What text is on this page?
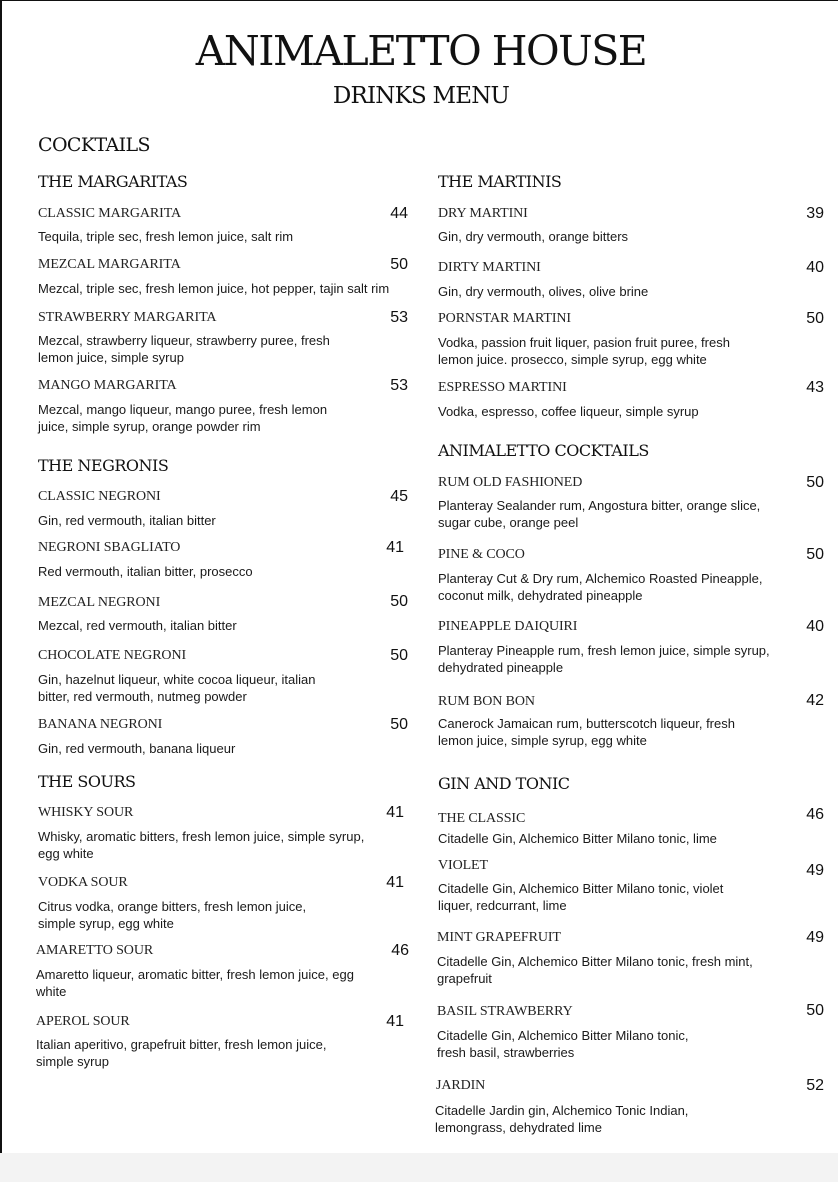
ANIMALETTO HOUSE
DRINKS MENU
COCKTAILS
THE MARGARITAS
CLASSIC MARGARITA	44
Tequila, triple sec, fresh lemon juice, salt rim
MEZCAL MARGARITA	50
Mezcal, triple sec, fresh lemon juice, hot pepper, tajin salt rim
STRAWBERRY MARGARITA	53
Mezcal, strawberry liqueur, strawberry puree, fresh lemon juice, simple syrup
MANGO MARGARITA	53
Mezcal, mango liqueur, mango puree, fresh lemon juice, simple syrup, orange powder rim
THE NEGRONIS
CLASSIC NEGRONI	45
Gin, red vermouth, italian bitter
NEGRONI SBAGLIATO	41
Red vermouth, italian bitter, prosecco
MEZCAL NEGRONI	50
Mezcal, red vermouth, italian bitter
CHOCOLATE NEGRONI	50
Gin, hazelnut liqueur, white cocoa liqueur, italian bitter, red vermouth, nutmeg powder
BANANA NEGRONI	50
Gin, red vermouth, banana liqueur
THE SOURS
WHISKY SOUR	41
Whisky, aromatic bitters, fresh lemon juice, simple syrup, egg white
VODKA SOUR	41
Citrus vodka, orange bitters, fresh lemon juice, simple syrup, egg white
AMARETTO SOUR	46
Amaretto liqueur, aromatic bitter, fresh lemon juice, egg white
APEROL SOUR	41
Italian aperitivo, grapefruit bitter, fresh lemon juice, simple syrup
THE MARTINIS
DRY MARTINI	39
Gin, dry vermouth, orange bitters
DIRTY MARTINI	40
Gin, dry vermouth, olives, olive brine
PORNSTAR MARTINI	50
Vodka, passion fruit liquer, pasion fruit puree, fresh lemon juice. prosecco, simple syrup, egg white
ESPRESSO MARTINI	43
Vodka, espresso, coffee liqueur, simple syrup
ANIMALETTO COCKTAILS
RUM OLD FASHIONED	50
Planteray Sealander rum, Angostura bitter, orange slice, sugar cube, orange peel
PINE & COCO	50
Planteray Cut & Dry rum, Alchemico Roasted Pineapple, coconut milk, dehydrated pineapple
PINEAPPLE DAIQUIRI	40
Planteray Pineapple rum, fresh lemon juice, simple syrup, dehydrated pineapple
RUM BON BON	42
Canerock Jamaican rum, butterscotch liqueur, fresh lemon juice, simple syrup, egg white
GIN AND TONIC
THE CLASSIC	46
Citadelle Gin, Alchemico Bitter Milano tonic, lime
VIOLET	49
Citadelle Gin, Alchemico Bitter Milano tonic, violet liquer, redcurrant, lime
MINT GRAPEFRUIT	49
Citadelle Gin, Alchemico Bitter Milano tonic, fresh mint, grapefruit
BASIL STRAWBERRY	50
Citadelle Gin, Alchemico Bitter Milano tonic, fresh basil, strawberries
JARDIN	52
Citadelle Jardin gin, Alchemico Tonic Indian, lemongrass, dehydrated lime
